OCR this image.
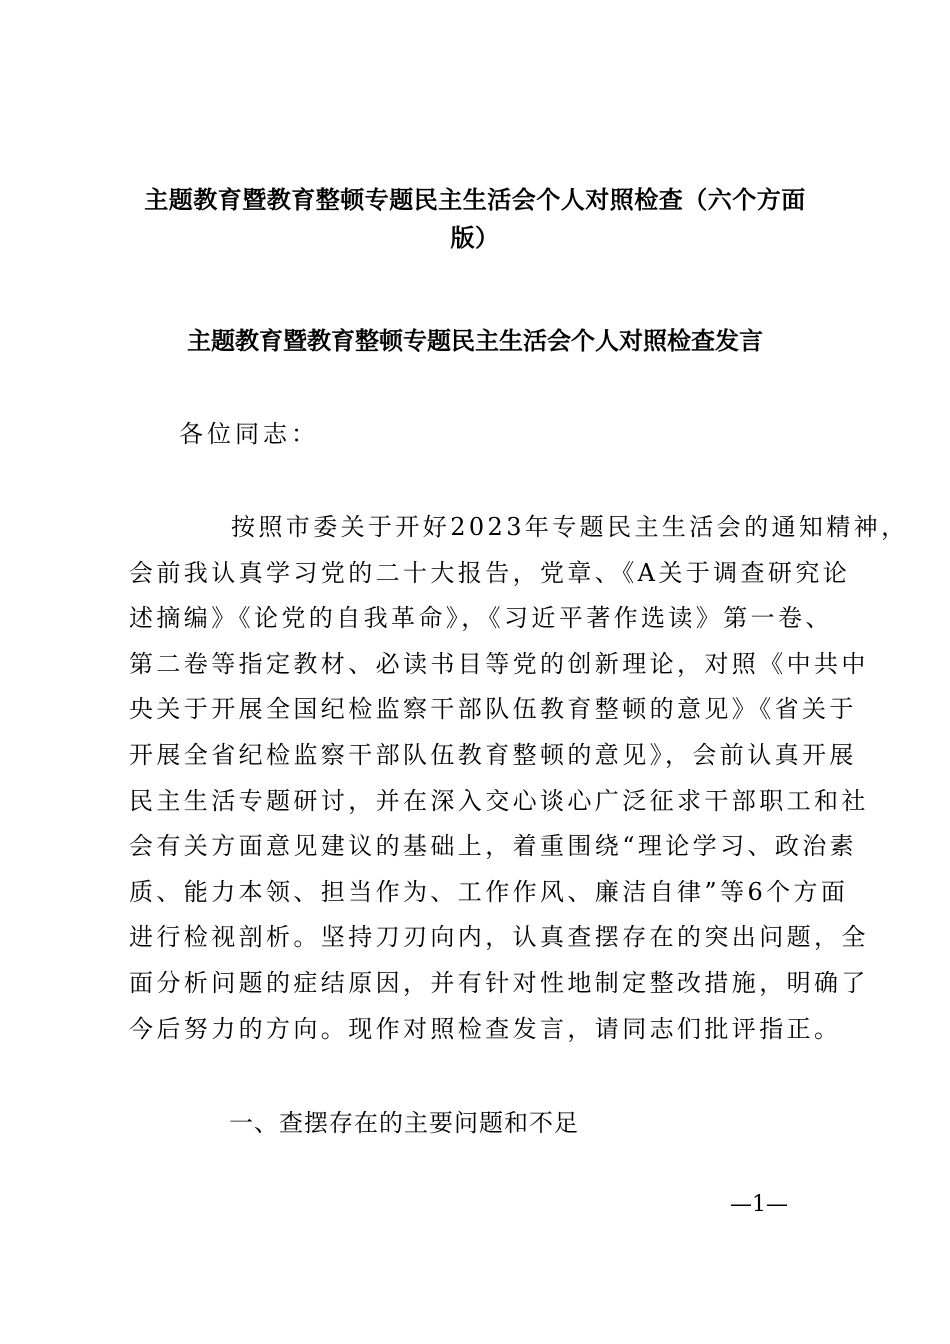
主题教育暨教育整顿专题民主生活会个人对照检查（六个方面
版）
主题教育暨教育整顿专题民主生活会个人对照检查发言
各位同志：
按照市委关于开好2023年专题民主生活会的通知精神，
会前我认真学习党的二十大报告，党章、《A关于调查研究论
述摘编》《论党的自我革命》，《习近平著作选读》第一卷、
第二卷等指定教材、必读书目等党的创新理论，对照《中共中
央关于开展全国纪检监察干部队伍教育整顿的意见》《省关于
开展全省纪检监察干部队伍教育整顿的意见》，会前认真开展
民主生活专题研讨，并在深入交心谈心广泛征求干部职工和社
会有关方面意见建议的基础上，着重围绕“理论学习、政治素
质、能力本领、担当作为、工作作风、廉洁自律”等6个方面
进行检视剖析。坚持刀刃向内，认真查摆存在的突出问题，全
面分析问题的症结原因，并有针对性地制定整改措施，明确了
今后努力的方向。现作对照检查发言，请同志们批评指正。
一、查摆存在的主要问题和不足
—1—
